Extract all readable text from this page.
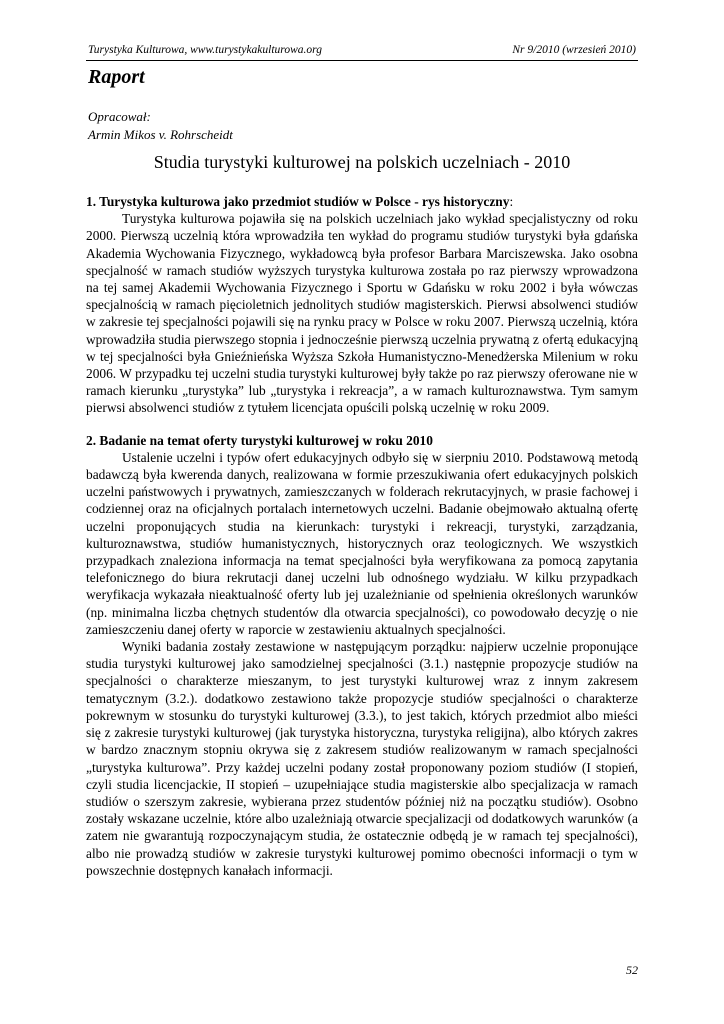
Turystyka Kulturowa, www.turystykakulturowa.org	Nr 9/2010 (wrzesień 2010)
Raport
Opracował:
Armin Mikos v. Rohrscheidt
Studia turystyki kulturowej na polskich uczelniach - 2010
1. Turystyka kulturowa jako przedmiot studiów w Polsce - rys historyczny:

Turystyka kulturowa pojawiła się na polskich uczelniach jako wykład specjalistyczny od roku 2000. Pierwszą uczelnią która wprowadziła ten wykład do programu studiów turystyki była gdańska Akademia Wychowania Fizycznego, wykładowcą była profesor Barbara Marciszewska. Jako osobna specjalność w ramach studiów wyższych turystyka kulturowa została po raz pierwszy wprowadzona na tej samej Akademii Wychowania Fizycznego i Sportu w Gdańsku w roku 2002 i była wówczas specjalnością w ramach pięcioletnich jednolitych studiów magisterskich. Pierwsi absolwenci studiów w zakresie tej specjalności pojawili się na rynku pracy w Polsce w roku 2007. Pierwszą uczelnią, która wprowadziła studia pierwszego stopnia i jednocześnie pierwszą uczelnia prywatną z ofertą edukacyjną w tej specjalności była Gnieźnieńska Wyższa Szkoła Humanistyczno-Menedżerska Milenium w roku 2006. W przypadku tej uczelni studia turystyki kulturowej były także po raz pierwszy oferowane nie w ramach kierunku „turystyka” lub „turystyka i rekreacja”, a w ramach kulturoznawstwa. Tym samym pierwsi absolwenci studiów z tytułem licencjata opuścili polską uczelnię w roku 2009.

2. Badanie na temat oferty turystyki kulturowej w roku 2010

Ustalenie uczelni i typów ofert edukacyjnych odbyło się w sierpniu 2010. Podstawową metodą badawczą była kwerenda danych, realizowana w formie przeszukiwania ofert edukacyjnych polskich uczelni państwowych i prywatnych, zamieszczanych w folderach rekrutacyjnych, w prasie fachowej i codziennej oraz na oficjalnych portalach internetowych uczelni. Badanie obejmowało aktualną ofertę uczelni proponujących studia na kierunkach: turystyki i rekreacji, turystyki, zarządzania, kulturoznawstwa, studiów humanistycznych, historycznych oraz teologicznych. We wszystkich przypadkach znaleziona informacja na temat specjalności była weryfikowana za pomocą zapytania telefonicznego do biura rekrutacji danej uczelni lub odnośnego wydziału. W kilku przypadkach weryfikacja wykazała nieaktualność oferty lub jej uzależnianie od spełnienia określonych warunków (np. minimalna liczba chętnych studentów dla otwarcia specjalności), co powodowało decyzję o nie zamieszczeniu danej oferty w raporcie w zestawieniu aktualnych specjalności.

Wyniki badania zostały zestawione w następującym porządku: najpierw uczelnie proponujące studia turystyki kulturowej jako samodzielnej specjalności (3.1.) następnie propozycje studiów na specjalności o charakterze mieszanym, to jest turystyki kulturowej wraz z innym zakresem tematycznym (3.2.). dodatkowo zestawiono także propozycje studiów specjalności o charakterze pokrewnym w stosunku do turystyki kulturowej (3.3.), to jest takich, których przedmiot albo mieści się z zakresie turystyki kulturowej (jak turystyka historyczna, turystyka religijna), albo których zakres w bardzo znacznym stopniu okrywa się z zakresem studiów realizowanym w ramach specjalności „turystyka kulturowa”. Przy każdej uczelni podany został proponowany poziom studiów (I stopień, czyli studia licencjackie, II stopień – uzupełniające studia magisterskie albo specjalizacja w ramach studiów o szerszym zakresie, wybierana przez studentów później niż na początku studiów). Osobno zostały wskazane uczelnie, które albo uzależniają otwarcie specjalizacji od dodatkowych warunków (a zatem nie gwarantują rozpoczynającym studia, że ostatecznie odbędą je w ramach tej specjalności), albo nie prowadzą studiów w zakresie turystyki kulturowej pomimo obecności informacji o tym w powszechnie dostępnych kanałach informacji.

52
